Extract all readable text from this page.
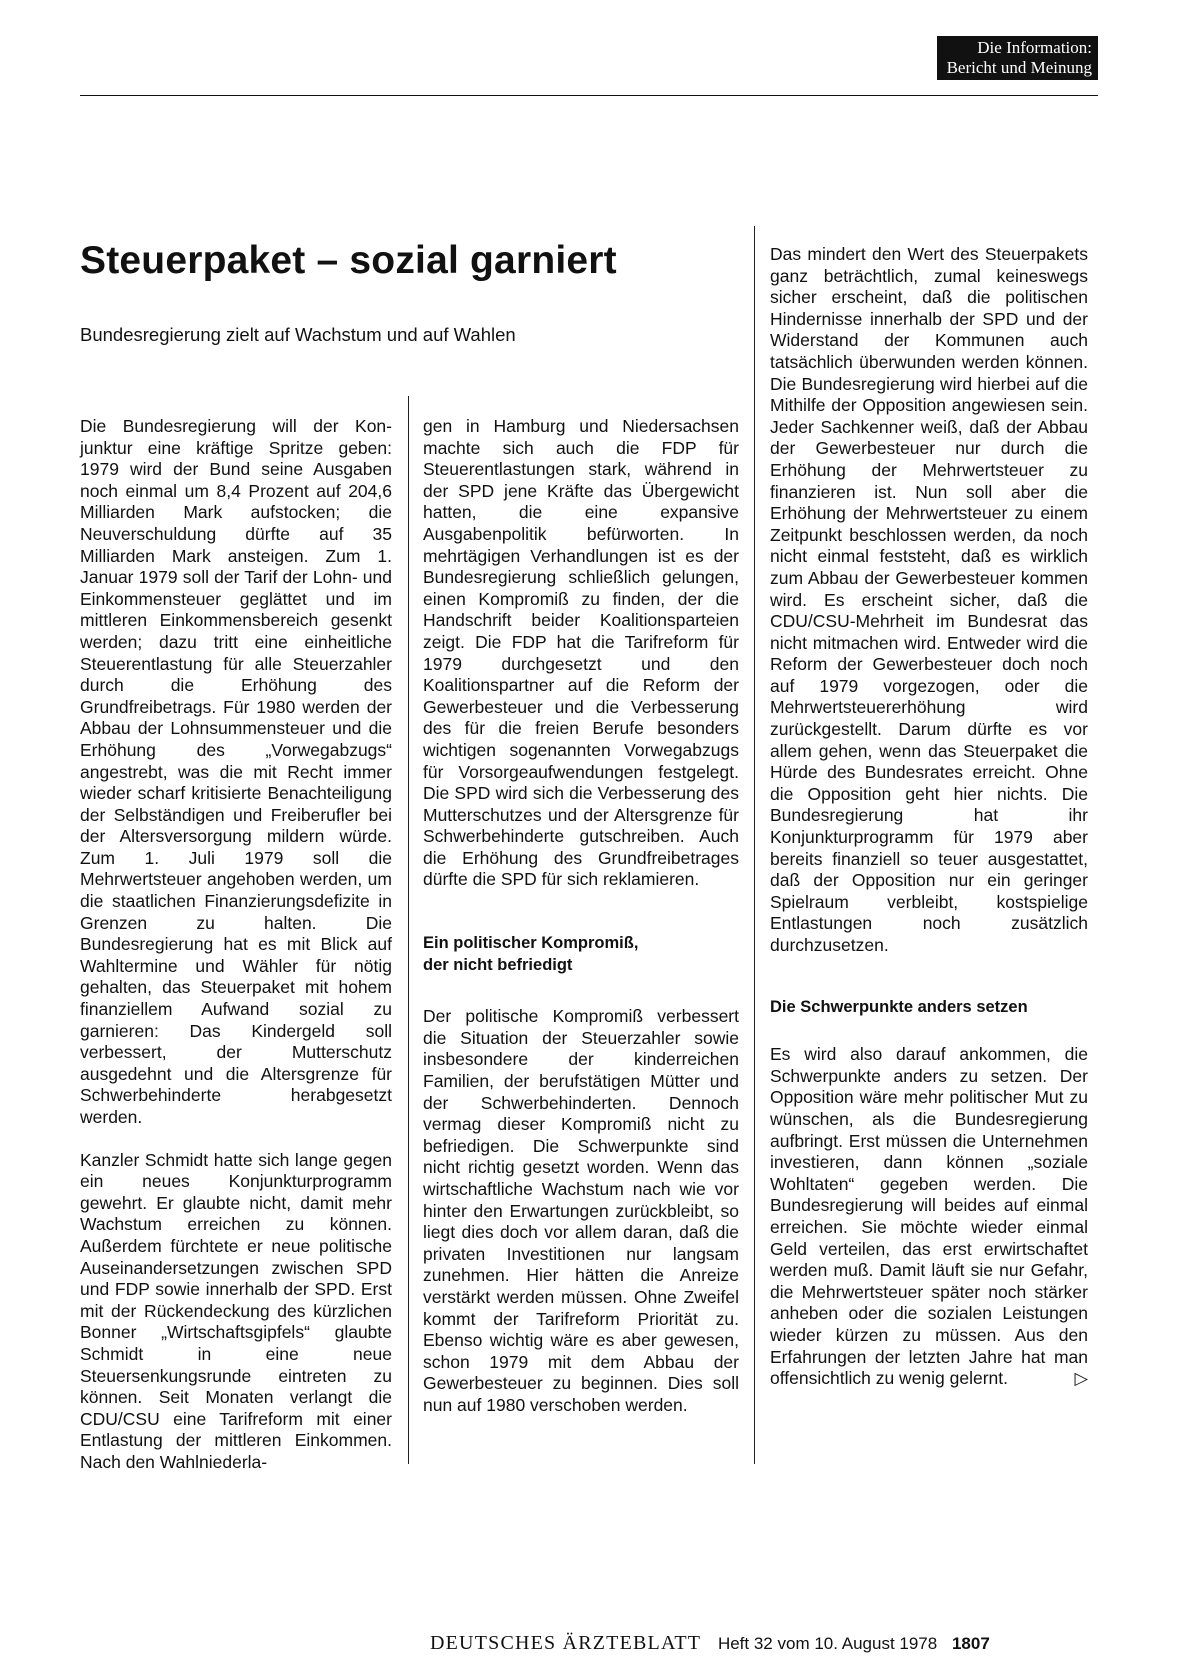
Die Information:
Bericht und Meinung
Steuerpaket – sozial garniert
Bundesregierung zielt auf Wachstum und auf Wahlen

Die Bundesregierung will der Konjunktur eine kräftige Spritze geben: 1979 wird der Bund seine Ausgaben noch einmal um 8,4 Prozent auf 204,6 Milliarden Mark aufstocken; die Neuverschuldung dürfte auf 35 Milliarden Mark ansteigen. Zum 1. Januar 1979 soll der Tarif der Lohn- und Einkommensteuer geglättet und im mittleren Einkommensbereich gesenkt werden; dazu tritt eine einheitliche Steuerentlastung für alle Steuerzahler durch die Erhöhung des Grundfreibetrags. Für 1980 werden der Abbau der Lohnsummensteuer und die Erhöhung des „Vorwegabzugs“ angestrebt, was die mit Recht immer wieder scharf kritisierte Benachteiligung der Selbständigen und Freiberufler bei der Altersversorgung mildern würde. Zum 1. Juli 1979 soll die Mehrwertsteuer angehoben werden, um die staatlichen Finanzierungsdefizite in Grenzen zu halten. Die Bundesregierung hat es mit Blick auf Wahltermine und Wähler für nötig gehalten, das Steuerpaket mit hohem finanziellem Aufwand sozial zu garnieren: Das Kindergeld soll verbessert, der Mutterschutz ausgedehnt und die Altersgrenze für Schwerbehinderte herabgesetzt werden.

Kanzler Schmidt hatte sich lange gegen ein neues Konjunkturprogramm gewehrt. Er glaubte nicht, damit mehr Wachstum erreichen zu können. Außerdem fürchtete er neue politische Auseinandersetzungen zwischen SPD und FDP sowie innerhalb der SPD. Erst mit der Rückendeckung des kürzlichen Bonner „Wirtschaftsgipfels“ glaubte Schmidt in eine neue Steuersenkungsrunde eintreten zu können. Seit Monaten verlangt die CDU/CSU eine Tarifreform mit einer Entlastung der mittleren Einkommen. Nach den Wahlniederla-

gen in Hamburg und Niedersachsen machte sich auch die FDP für Steuerentlastungen stark, während in der SPD jene Kräfte das Übergewicht hatten, die eine expansive Ausgabenpolitik befürworten. In mehrtägigen Verhandlungen ist es der Bundesregierung schließlich gelungen, einen Kompromiß zu finden, der die Handschrift beider Koalitionsparteien zeigt. Die FDP hat die Tarifreform für 1979 durchgesetzt und den Koalitionspartner auf die Reform der Gewerbesteuer und die Verbesserung des für die freien Berufe besonders wichtigen sogenannten Vorwegabzugs für Vorsorgeaufwendungen festgelegt. Die SPD wird sich die Verbesserung des Mutterschutzes und der Altersgrenze für Schwerbehinderte gutschreiben. Auch die Erhöhung des Grundfreibetrages dürfte die SPD für sich reklamieren.

Ein politischer Kompromiß,
der nicht befriedigt

Der politische Kompromiß verbessert die Situation der Steuerzahler sowie insbesondere der kinderreichen Familien, der berufstätigen Mütter und der Schwerbehinderten. Dennoch vermag dieser Kompromiß nicht zu befriedigen. Die Schwerpunkte sind nicht richtig gesetzt worden. Wenn das wirtschaftliche Wachstum nach wie vor hinter den Erwartungen zurückbleibt, so liegt dies doch vor allem daran, daß die privaten Investitionen nur langsam zunehmen. Hier hätten die Anreize verstärkt werden müssen. Ohne Zweifel kommt der Tarifreform Priorität zu. Ebenso wichtig wäre es aber gewesen, schon 1979 mit dem Abbau der Gewerbesteuer zu beginnen. Dies soll nun auf 1980 verschoben werden.

Das mindert den Wert des Steuerpakets ganz beträchtlich, zumal keineswegs sicher erscheint, daß die politischen Hindernisse innerhalb der SPD und der Widerstand der Kommunen auch tatsächlich überwunden werden können. Die Bundesregierung wird hierbei auf die Mithilfe der Opposition angewiesen sein. Jeder Sachkenner weiß, daß der Abbau der Gewerbesteuer nur durch die Erhöhung der Mehrwertsteuer zu finanzieren ist. Nun soll aber die Erhöhung der Mehrwertsteuer zu einem Zeitpunkt beschlossen werden, da noch nicht einmal feststeht, daß es wirklich zum Abbau der Gewerbesteuer kommen wird. Es erscheint sicher, daß die CDU/CSU-Mehrheit im Bundesrat das nicht mitmachen wird. Entweder wird die Reform der Gewerbesteuer doch noch auf 1979 vorgezogen, oder die Mehrwertsteuererhöhung wird zurückgestellt. Darum dürfte es vor allem gehen, wenn das Steuerpaket die Hürde des Bundesrates erreicht. Ohne die Opposition geht hier nichts. Die Bundesregierung hat ihr Konjunkturprogramm für 1979 aber bereits finanziell so teuer ausgestattet, daß der Opposition nur ein geringer Spielraum verbleibt, kostspielige Entlastungen noch zusätzlich durchzusetzen.

Die Schwerpunkte anders setzen

Es wird also darauf ankommen, die Schwerpunkte anders zu setzen. Der Opposition wäre mehr politischer Mut zu wünschen, als die Bundesregierung aufbringt. Erst müssen die Unternehmen investieren, dann können „soziale Wohltaten“ gegeben werden. Die Bundesregierung will beides auf einmal erreichen. Sie möchte wieder einmal Geld verteilen, das erst erwirtschaftet werden muß. Damit läuft sie nur Gefahr, die Mehrwertsteuer später noch stärker anheben oder die sozialen Leistungen wieder kürzen zu müssen. Aus den Erfahrungen der letzten Jahre hat man offensichtlich zu wenig gelernt.	▷

DEUTSCHES ÄRZTEBLATT Heft 32 vom 10. August 1978 1807
